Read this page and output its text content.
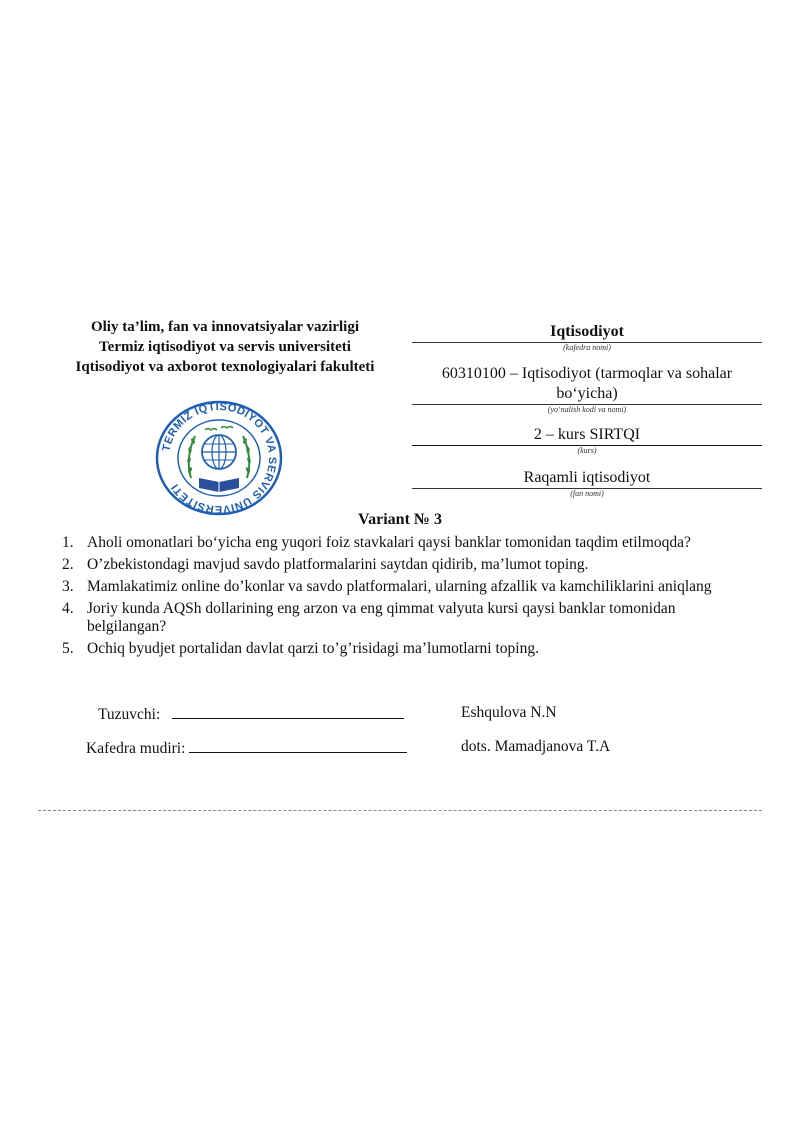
Oliy ta’lim, fan va innovatsiyalar vazirligi
Termiz iqtisodiyot va servis universiteti
Iqtisodiyot va axborot texnologiyalari fakulteti
TERMIZ IQTISODIYOT VA SERVIS UNIVERSITETI
Iqtisodiyot
(kafedra nomi)
60310100 – Iqtisodiyot (tarmoqlar va sohalar
bo‘yicha)
(yo‘nalish kodi va nomi)
2 – kurs SIRTQI
(kurs)
Raqamli iqtisodiyot
(fan nomi)
Variant № 3
1. Aholi omonatlari bo‘yicha eng yuqori foiz stavkalari qaysi banklar tomonidan taqdim etilmoqda?
2. O’zbekistondagi mavjud savdo platformalarini saytdan qidirib, ma’lumot toping.
3. Mamlakatimiz online do’konlar va savdo platformalari, ularning afzallik va kamchiliklarini aniqlang
4. Joriy kunda AQSh dollarining eng arzon va eng qimmat valyuta kursi qaysi banklar tomonidan belgilangan?
5. Ochiq byudjet portalidan davlat qarzi to’g’risidagi ma’lumotlarni toping.
Tuzuvchi:	Eshqulova N.N
Kafedra mudiri:	dots. Mamadjanova T.A
